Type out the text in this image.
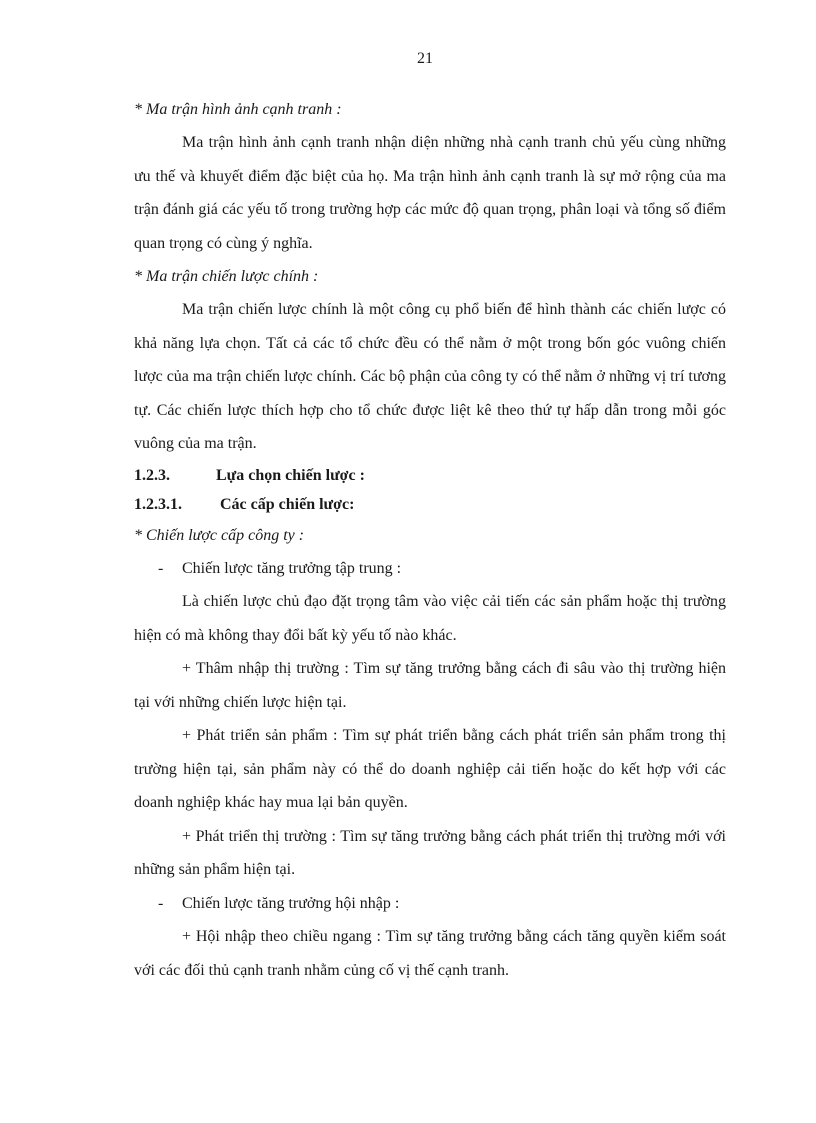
21

* Ma trận hình ảnh cạnh tranh :

Ma trận hình ảnh cạnh tranh nhận diện những nhà cạnh tranh chủ yếu cùng những ưu thế và khuyết điểm đặc biệt của họ. Ma trận hình ảnh cạnh tranh là sự mở rộng của ma trận đánh giá các yếu tố trong trường hợp các mức độ quan trọng, phân loại và tổng số điểm quan trọng có cùng ý nghĩa.

* Ma trận chiến lược chính :

Ma trận chiến lược chính là một công cụ phổ biến để hình thành các chiến lược có khả năng lựa chọn. Tất cả các tổ chức đều có thể nằm ở một trong bốn góc vuông chiến lược của ma trận chiến lược chính. Các bộ phận của công ty có thể nằm ở những vị trí tương tự. Các chiến lược thích hợp cho tổ chức được liệt kê theo thứ tự hấp dẫn trong mỗi góc vuông của ma trận.

1.2.3.	Lựa chọn chiến lược :

1.2.3.1. Các cấp chiến lược:

* Chiến lược cấp công ty :

- Chiến lược tăng trưởng tập trung :

Là chiến lược chủ đạo đặt trọng tâm vào việc cải tiến các sản phẩm hoặc thị trường hiện có mà không thay đổi bất kỳ yếu tố nào khác.

+ Thâm nhập thị trường : Tìm sự tăng trưởng bằng cách đi sâu vào thị trường hiện tại với những chiến lược hiện tại.

+ Phát triển sản phẩm : Tìm sự phát triển bằng cách phát triển sản phẩm trong thị trường hiện tại, sản phẩm này có thể do doanh nghiệp cải tiến hoặc do kết hợp với các doanh nghiệp khác hay mua lại bản quyền.

+ Phát triển thị trường : Tìm sự tăng trưởng bằng cách phát triển thị trường mới với những sản phẩm hiện tại.

- Chiến lược tăng trưởng hội nhập :

+ Hội nhập theo chiều ngang : Tìm sự tăng trưởng bằng cách tăng quyền kiểm soát với các đối thủ cạnh tranh nhằm củng cố vị thế cạnh tranh.
